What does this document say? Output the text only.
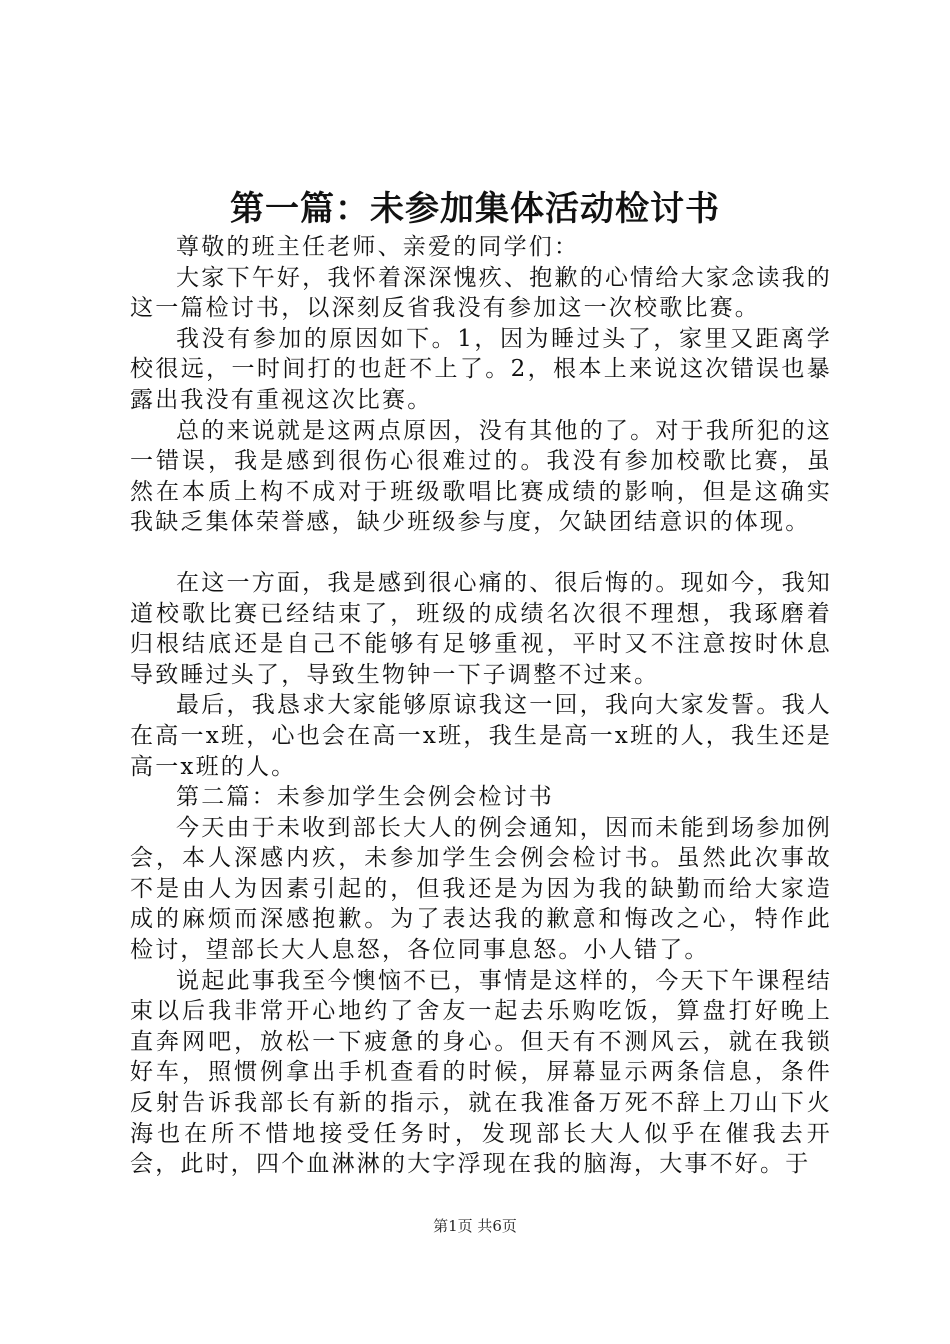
第一篇：未参加集体活动检讨书

尊敬的班主任老师、亲爱的同学们：

大家下午好，我怀着深深愧疚、抱歉的心情给大家念读我的这一篇检讨书，以深刻反省我没有参加这一次校歌比赛。

我没有参加的原因如下。1，因为睡过头了，家里又距离学校很远，一时间打的也赶不上了。2，根本上来说这次错误也暴露出我没有重视这次比赛。

总的来说就是这两点原因，没有其他的了。对于我所犯的这一错误，我是感到很伤心很难过的。我没有参加校歌比赛，虽然在本质上构不成对于班级歌唱比赛成绩的影响，但是这确实我缺乏集体荣誉感，缺少班级参与度，欠缺团结意识的体现。

在这一方面，我是感到很心痛的、很后悔的。现如今，我知道校歌比赛已经结束了，班级的成绩名次很不理想，我琢磨着归根结底还是自己不能够有足够重视，平时又不注意按时休息导致睡过头了，导致生物钟一下子调整不过来。

最后，我恳求大家能够原谅我这一回，我向大家发誓。我人在高一x班，心也会在高一x班，我生是高一x班的人，我生还是高一x班的人。

第二篇：未参加学生会例会检讨书

今天由于未收到部长大人的例会通知，因而未能到场参加例会，本人深感内疚，未参加学生会例会检讨书。虽然此次事故不是由人为因素引起的，但我还是为因为我的缺勤而给大家造成的麻烦而深感抱歉。为了表达我的歉意和悔改之心，特作此检讨，望部长大人息怒，各位同事息怒。小人错了。

说起此事我至今懊恼不已，事情是这样的，今天下午课程结束以后我非常开心地约了舍友一起去乐购吃饭，算盘打好晚上直奔网吧，放松一下疲惫的身心。但天有不测风云，就在我锁好车，照惯例拿出手机查看的时候，屏幕显示两条信息，条件反射告诉我部长有新的指示，就在我准备万死不辞上刀山下火海也在所不惜地接受任务时，发现部长大人似乎在催我去开会，此时，四个血淋淋的大字浮现在我的脑海，大事不好。于

第1页 共6页
